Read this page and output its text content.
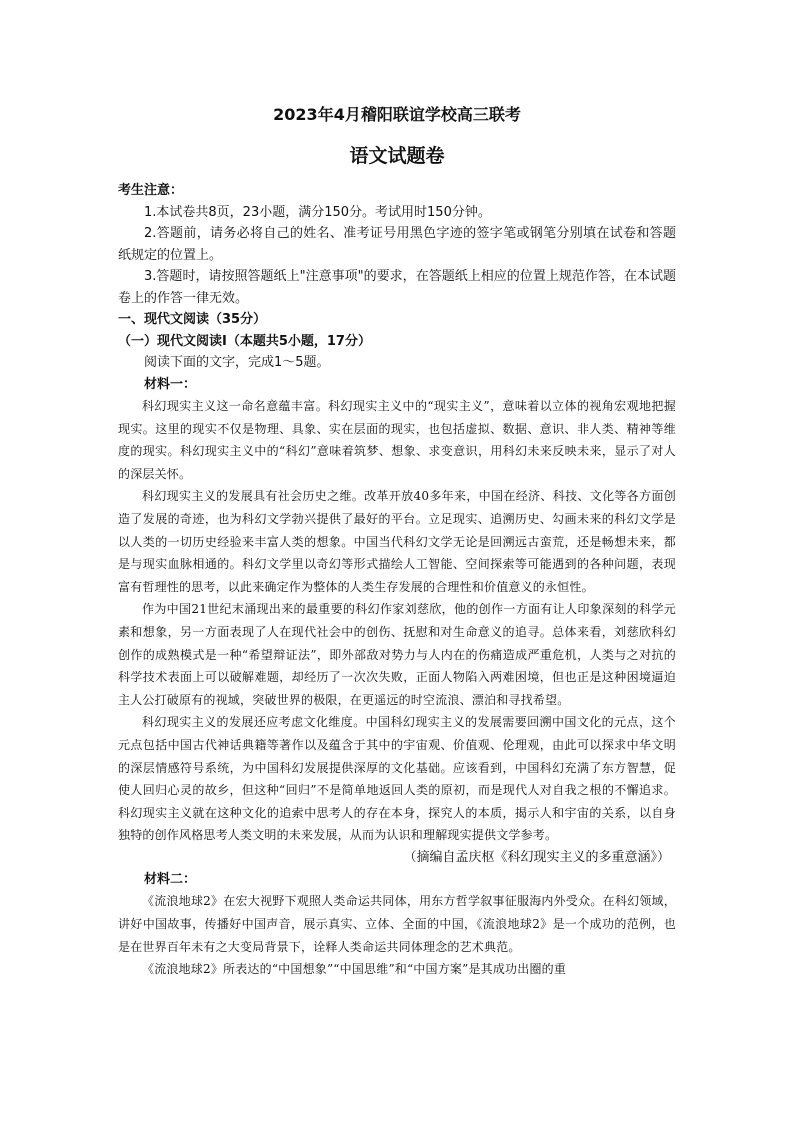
2023年4月稽阳联谊学校高三联考
语文试题卷

考生注意：

1.本试卷共8页，23小题，满分150分。考试用时150分钟。

2.答题前，请务必将自己的姓名、准考证号用黑色字迹的签字笔或钢笔分别填在试卷和答题纸规定的位置上。

3.答题时，请按照答题纸上"注意事项"的要求，在答题纸上相应的位置上规范作答，在本试题卷上的作答一律无效。

一、现代文阅读（35分）

（一）现代文阅读Ⅰ（本题共5小题，17分）

阅读下面的文字，完成1～5题。

材料一：

科幻现实主义这一命名意蕴丰富。科幻现实主义中的“现实主义”，意味着以立体的视角宏观地把握现实。这里的现实不仅是物理、具象、实在层面的现实，也包括虚拟、数据、意识、非人类、精神等维度的现实。科幻现实主义中的“科幻”意味着筑梦、想象、求变意识，用科幻未来反映未来，显示了对人的深层关怀。

科幻现实主义的发展具有社会历史之维。改革开放40多年来，中国在经济、科技、文化等各方面创造了发展的奇迹，也为科幻文学勃兴提供了最好的平台。立足现实、追溯历史、勾画未来的科幻文学是以人类的一切历史经验来丰富人类的想象。中国当代科幻文学无论是回溯远古蛮荒，还是畅想未来，都是与现实血脉相通的。科幻文学里以奇幻等形式描绘人工智能、空间探索等可能遇到的各种问题，表现富有哲理性的思考，以此来确定作为整体的人类生存发展的合理性和价值意义的永恒性。

作为中国21世纪末涌现出来的最重要的科幻作家刘慈欣，他的创作一方面有让人印象深刻的科学元素和想象，另一方面表现了人在现代社会中的创伤、抚慰和对生命意义的追寻。总体来看，刘慈欣科幻创作的成熟模式是一种“希望辩证法”，即外部敌对势力与人内在的伤痛造成严重危机，人类与之对抗的科学技术表面上可以破解难题，却经历了一次次失败，正面人物陷入两难困境，但也正是这种困境逼迫主人公打破原有的视域，突破世界的极限，在更遥远的时空流浪、漂泊和寻找希望。

科幻现实主义的发展还应考虑文化维度。中国科幻现实主义的发展需要回溯中国文化的元点，这个元点包括中国古代神话典籍等著作以及蕴含于其中的宇宙观、价值观、伦理观，由此可以探求中华文明的深层情感符号系统，为中国科幻发展提供深厚的文化基础。应该看到，中国科幻充满了东方智慧，促使人回归心灵的故乡，但这种“回归”不是简单地返回人类的原初，而是现代人对自我之根的不懈追求。科幻现实主义就在这种文化的追索中思考人的存在本身，探究人的本质，揭示人和宇宙的关系，以自身独特的创作风格思考人类文明的未来发展，从而为认识和理解现实提供文学参考。

（摘编自孟庆枢《科幻现实主义的多重意涵》）

材料二：

《流浪地球2》在宏大视野下观照人类命运共同体，用东方哲学叙事征服海内外受众。在科幻领域，讲好中国故事，传播好中国声音，展示真实、立体、全面的中国，《流浪地球2》是一个成功的范例，也是在世界百年未有之大变局背景下，诠释人类命运共同体理念的艺术典范。

《流浪地球2》所表达的“中国想象”“中国思维”和“中国方案”是其成功出圈的重
